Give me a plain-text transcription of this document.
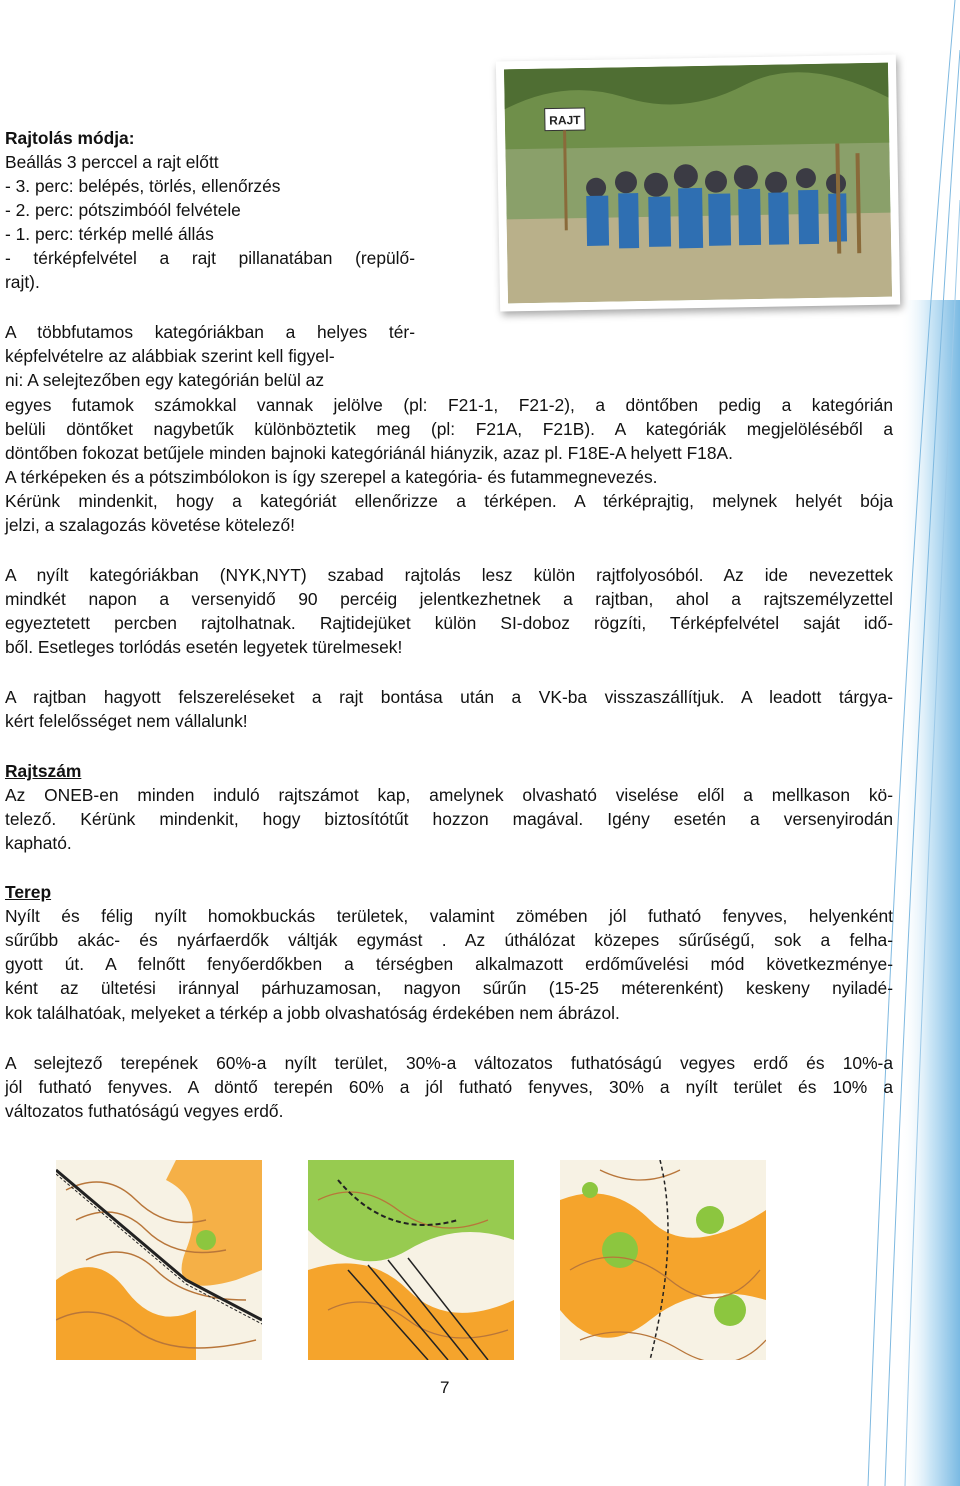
RAJT
Rajtolás módja:
Beállás 3 perccel a rajt előtt
- 3. perc: belépés, törlés, ellenőrzés
- 2. perc: pótszimbóól felvétele
- 1. perc: térkép mellé állás
- térképfelvétel a rajt pillanatában (repülő-
rajt).
A többfutamos kategóriákban a helyes tér-
képfelvételre az alábbiak szerint kell figyel-
ni: A selejtezőben egy kategórián belül az
egyes futamok számokkal vannak jelölve (pl: F21-1, F21-2), a döntőben pedig a kategórián
belüli döntőket nagybetűk különböztetik meg (pl: F21A, F21B). A kategóriák megjelöléséből a
döntőben fokozat betűjele minden bajnoki kategóriánál hiányzik, azaz pl. F18E-A helyett F18A.
A térképeken és a pótszimbólokon is így szerepel a kategória- és futammegnevezés.
Kérünk mindenkit, hogy a kategóriát ellenőrizze a térképen. A térképrajtig, melynek helyét bója
jelzi, a szalagozás követése kötelező!
A nyílt kategóriákban (NYK,NYT) szabad rajtolás lesz külön rajtfolyosóból. Az ide nevezettek
mindkét napon a versenyidő 90 percéig jelentkezhetnek a rajtban, ahol a rajtszemélyzettel
egyeztetett percben rajtolhatnak. Rajtidejüket külön SI-doboz rögzíti, Térképfelvétel saját idő-
ből. Esetleges torlódás esetén legyetek türelmesek!
A rajtban hagyott felszereléseket a rajt bontása után a VK-ba visszaszállítjuk. A leadott tárgya-
kért felelősséget nem vállalunk!
Rajtszám
Az ONEB-en minden induló rajtszámot kap, amelynek olvasható viselése elől a mellkason kö-
telező. Kérünk mindenkit, hogy biztosítótűt hozzon magával. Igény esetén a versenyirodán
kapható.
Terep
Nyílt és félig nyílt homokbuckás területek, valamint zömében jól futható fenyves, helyenként
sűrűbb akác- és nyárfaerdők váltják egymást . Az úthálózat közepes sűrűségű, sok a felha-
gyott út. A felnőtt fenyőerdőkben a térségben alkalmazott erdőművelési mód következménye-
ként az ültetési iránnyal párhuzamosan, nagyon sűrűn (15-25 méterenként) keskeny nyiladé-
kok találhatóak, melyeket a térkép a jobb olvashatóság érdekében nem ábrázol.
A selejtező terepének 60%-a nyílt terület, 30%-a változatos futhatóságú vegyes erdő és 10%-a
jól futható fenyves. A döntő terepén 60% a jól futható fenyves, 30% a nyílt terület és 10% a
változatos futhatóságú vegyes erdő.
7
